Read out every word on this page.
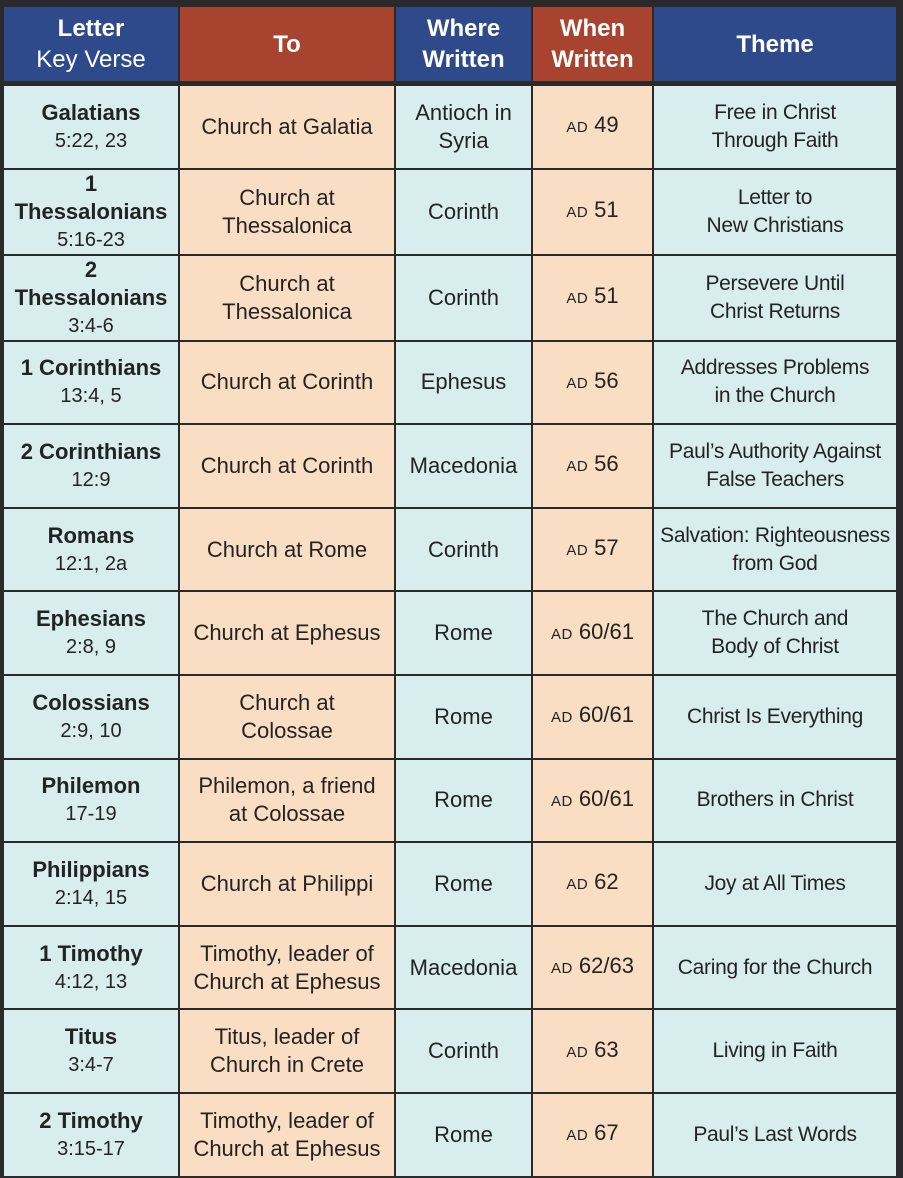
Letter
Key Verse	To	Where
Written	When
Written	Theme

Galatians
5:22, 23	Church at Galatia	Antioch in
Syria	AD 49	Free in Christ
Through Faith

1 Thessalonians
5:16-23	Church at
Thessalonica	Corinth	AD 51	Letter to
New Christians

2 Thessalonians
3:4-6	Church at
Thessalonica	Corinth	AD 51	Persevere Until
Christ Returns

1 Corinthians
13:4, 5	Church at Corinth	Ephesus	AD 56	Addresses Problems
in the Church

2 Corinthians
12:9	Church at Corinth	Macedonia	AD 56	Paul’s Authority Against
False Teachers

Romans
12:1, 2a	Church at Rome	Corinth	AD 57	Salvation: Righteousness
from God

Ephesians
2:8, 9	Church at Ephesus	Rome	AD 60/61	The Church and
Body of Christ

Colossians
2:9, 10	Church at
Colossae	Rome	AD 60/61	Christ Is Everything

Philemon
17-19	Philemon, a friend
at Colossae	Rome	AD 60/61	Brothers in Christ

Philippians
2:14, 15	Church at Philippi	Rome	AD 62	Joy at All Times

1 Timothy
4:12, 13	Timothy, leader of
Church at Ephesus	Macedonia	AD 62/63	Caring for the Church

Titus
3:4-7	Titus, leader of
Church in Crete	Corinth	AD 63	Living in Faith

2 Timothy
3:15-17	Timothy, leader of
Church at Ephesus	Rome	AD 67	Paul’s Last Words
